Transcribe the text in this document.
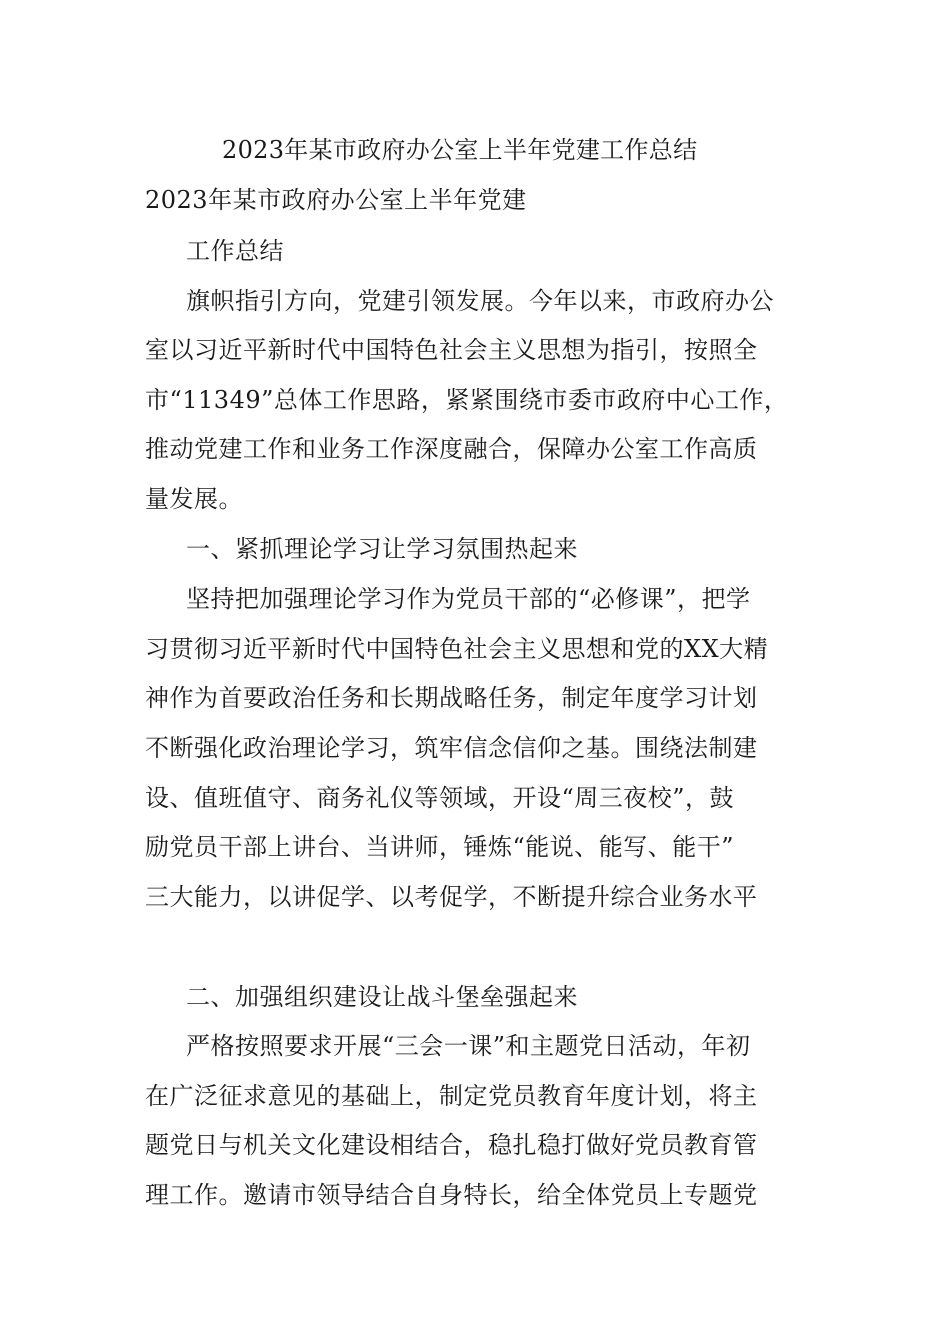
2023年某市政府办公室上半年党建工作总结
2023年某市政府办公室上半年党建
工作总结
旗帜指引方向，党建引领发展。今年以来，市政府办公
室以习近平新时代中国特色社会主义思想为指引，按照全
市“11349”总体工作思路，紧紧围绕市委市政府中心工作，
推动党建工作和业务工作深度融合，保障办公室工作高质
量发展。
一、紧抓理论学习让学习氛围热起来
坚持把加强理论学习作为党员干部的“必修课”，把学
习贯彻习近平新时代中国特色社会主义思想和党的XX大精
神作为首要政治任务和长期战略任务，制定年度学习计划
不断强化政治理论学习，筑牢信念信仰之基。围绕法制建
设、值班值守、商务礼仪等领域，开设“周三夜校”，鼓
励党员干部上讲台、当讲师，锤炼“能说、能写、能干”
三大能力，以讲促学、以考促学，不断提升综合业务水平
二、加强组织建设让战斗堡垒强起来
严格按照要求开展“三会一课”和主题党日活动，年初
在广泛征求意见的基础上，制定党员教育年度计划，将主
题党日与机关文化建设相结合，稳扎稳打做好党员教育管
理工作。邀请市领导结合自身特长，给全体党员上专题党
